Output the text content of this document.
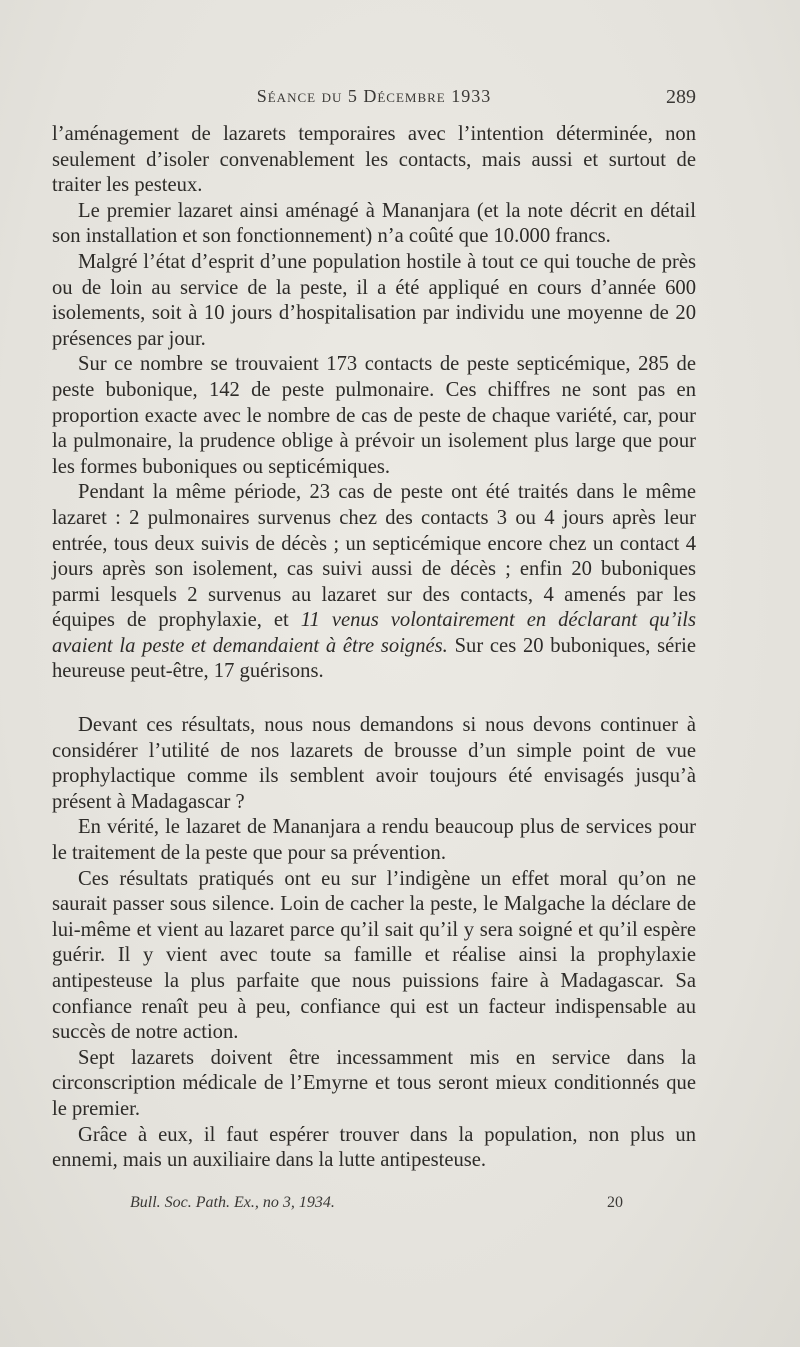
Séance du 5 Décembre 1933	289

l’aménagement de lazarets temporaires avec l’intention déterminée, non seulement d’isoler convenablement les contacts, mais aussi et surtout de traiter les pesteux.

Le premier lazaret ainsi aménagé à Mananjara (et la note décrit en détail son installation et son fonctionnement) n’a coûté que 10.000 francs.

Malgré l’état d’esprit d’une population hostile à tout ce qui touche de près ou de loin au service de la peste, il a été appliqué en cours d’année 600 isolements, soit à 10 jours d’hospitalisation par individu une moyenne de 20 présences par jour.

Sur ce nombre se trouvaient 173 contacts de peste septicémique, 285 de peste bubonique, 142 de peste pulmonaire. Ces chiffres ne sont pas en proportion exacte avec le nombre de cas de peste de chaque variété, car, pour la pulmonaire, la prudence oblige à prévoir un isolement plus large que pour les formes buboniques ou septicémiques.

Pendant la même période, 23 cas de peste ont été traités dans le même lazaret : 2 pulmonaires survenus chez des contacts 3 ou 4 jours après leur entrée, tous deux suivis de décès ; un septicémique encore chez un contact 4 jours après son isolement, cas suivi aussi de décès ; enfin 20 buboniques parmi lesquels 2 survenus au lazaret sur des contacts, 4 amenés par les équipes de prophylaxie, et 11 venus volontairement en déclarant qu’ils avaient la peste et demandaient à être soignés. Sur ces 20 buboniques, série heureuse peut-être, 17 guérisons.

Devant ces résultats, nous nous demandons si nous devons continuer à considérer l’utilité de nos lazarets de brousse d’un simple point de vue prophylactique comme ils semblent avoir toujours été envisagés jusqu’à présent à Madagascar ?

En vérité, le lazaret de Mananjara a rendu beaucoup plus de services pour le traitement de la peste que pour sa prévention.

Ces résultats pratiqués ont eu sur l’indigène un effet moral qu’on ne saurait passer sous silence. Loin de cacher la peste, le Malgache la déclare de lui-même et vient au lazaret parce qu’il sait qu’il y sera soigné et qu’il espère guérir. Il y vient avec toute sa famille et réalise ainsi la prophylaxie antipesteuse la plus parfaite que nous puissions faire à Madagascar. Sa confiance renaît peu à peu, confiance qui est un facteur indispensable au succès de notre action.

Sept lazarets doivent être incessamment mis en service dans la circonscription médicale de l’Emyrne et tous seront mieux conditionnés que le premier.

Grâce à eux, il faut espérer trouver dans la population, non plus un ennemi, mais un auxiliaire dans la lutte antipesteuse.

Bull. Soc. Path. Ex., no 3, 1934.	20
